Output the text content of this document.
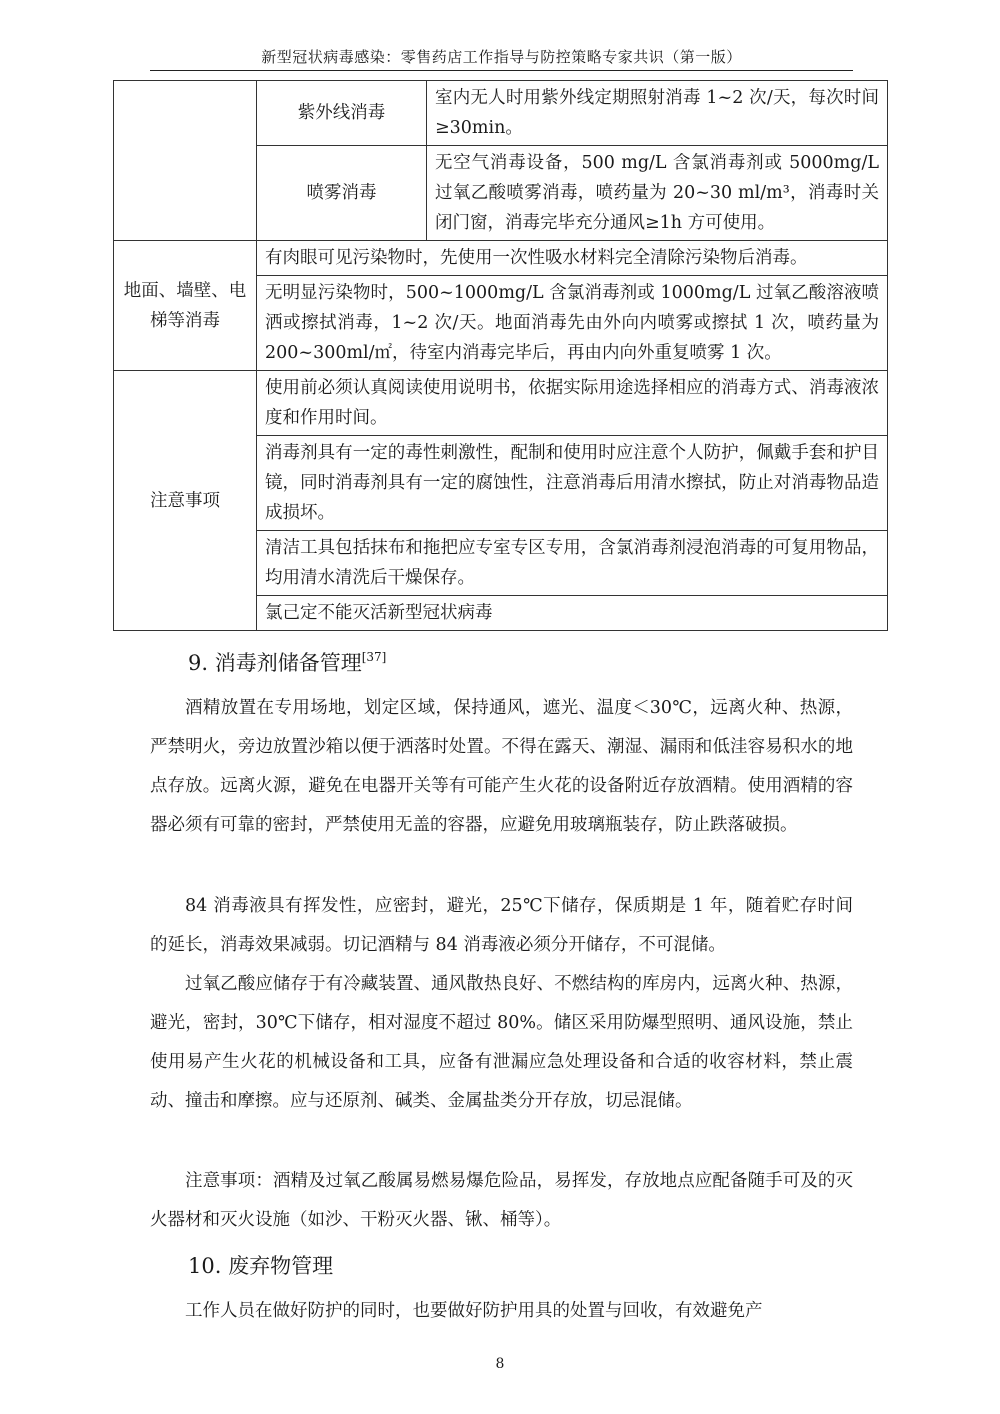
新型冠状病毒感染：零售药店工作指导与防控策略专家共识（第一版）
	紫外线消毒	室内无人时用紫外线定期照射消毒 1~2 次/天，每次时间≥30min。
	喷雾消毒	无空气消毒设备，500 mg/L 含氯消毒剂或 5000mg/L 过氧乙酸喷雾消毒，喷药量为 20~30 ml/m³，消毒时关闭门窗，消毒完毕充分通风≥1h 方可使用。
地面、墙壁、电梯等消毒	有肉眼可见污染物时，先使用一次性吸水材料完全清除污染物后消毒。	
	无明显污染物时，500~1000mg/L 含氯消毒剂或 1000mg/L 过氧乙酸溶液喷洒或擦拭消毒，1~2 次/天。地面消毒先由外向内喷雾或擦拭 1 次，喷药量为 200~300ml/㎡，待室内消毒完毕后，再由内向外重复喷雾 1 次。	
注意事项	使用前必须认真阅读使用说明书，依据实际用途选择相应的消毒方式、消毒液浓度和作用时间。	
	消毒剂具有一定的毒性刺激性，配制和使用时应注意个人防护，佩戴手套和护目镜，同时消毒剂具有一定的腐蚀性，注意消毒后用清水擦拭，防止对消毒物品造成损坏。	
	清洁工具包括抹布和拖把应专室专区专用，含氯消毒剂浸泡消毒的可复用物品，均用清水清洗后干燥保存。	
	氯己定不能灭活新型冠状病毒	
9. 消毒剂储备管理[37]

酒精放置在专用场地，划定区域，保持通风，遮光、温度＜30℃，远离火种、热源，严禁明火，旁边放置沙箱以便于洒落时处置。不得在露天、潮湿、漏雨和低洼容易积水的地点存放。远离火源，避免在电器开关等有可能产生火花的设备附近存放酒精。使用酒精的容器必须有可靠的密封，严禁使用无盖的容器，应避免用玻璃瓶装存，防止跌落破损。

84 消毒液具有挥发性，应密封，避光，25℃下储存，保质期是 1 年，随着贮存时间的延长，消毒效果减弱。切记酒精与 84 消毒液必须分开储存，不可混储。

过氧乙酸应储存于有冷藏装置、通风散热良好、不燃结构的库房内，远离火种、热源，避光，密封，30℃下储存，相对湿度不超过 80%。储区采用防爆型照明、通风设施，禁止使用易产生火花的机械设备和工具，应备有泄漏应急处理设备和合适的收容材料，禁止震动、撞击和摩擦。应与还原剂、碱类、金属盐类分开存放，切忌混储。

注意事项：酒精及过氧乙酸属易燃易爆危险品，易挥发，存放地点应配备随手可及的灭火器材和灭火设施（如沙、干粉灭火器、锹、桶等）。

10. 废弃物管理

工作人员在做好防护的同时，也要做好防护用具的处置与回收，有效避免产

8
